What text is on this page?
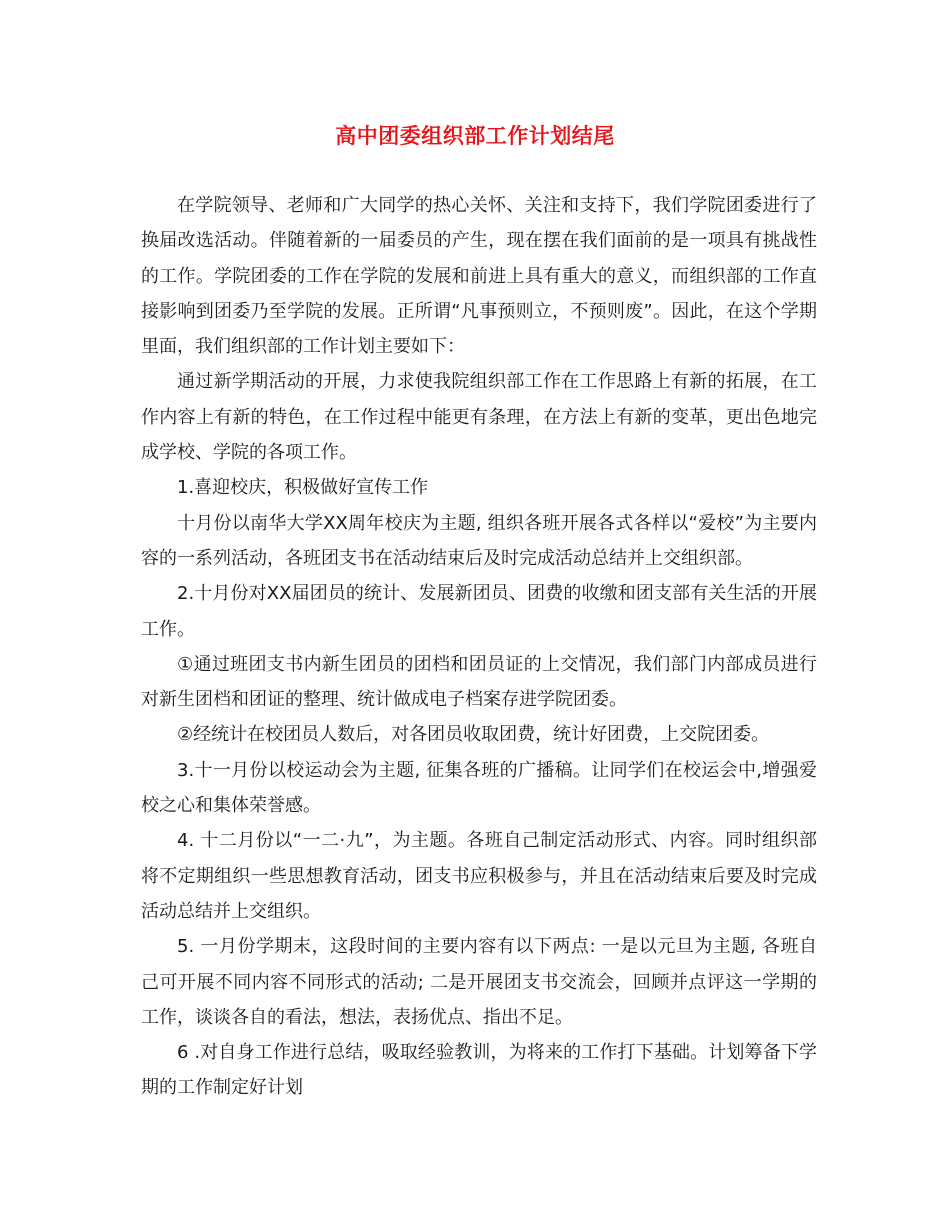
高中团委组织部工作计划结尾

在学院领导、老师和广大同学的热心关怀、关注和支持下，我们学院团委进行了换届改选活动。伴随着新的一届委员的产生，现在摆在我们面前的是一项具有挑战性的工作。学院团委的工作在学院的发展和前进上具有重大的意义，而组织部的工作直接影响到团委乃至学院的发展。正所谓“凡事预则立，不预则废”。因此，在这个学期里面，我们组织部的工作计划主要如下：

通过新学期活动的开展，力求使我院组织部工作在工作思路上有新的拓展，在工作内容上有新的特色，在工作过程中能更有条理，在方法上有新的变革，更出色地完成学校、学院的各项工作。

1.喜迎校庆，积极做好宣传工作

十月份以南华大学XX周年校庆为主题, 组织各班开展各式各样以“爱校”为主要内容的一系列活动，各班团支书在活动结束后及时完成活动总结并上交组织部。

2.十月份对XX届团员的统计、发展新团员、团费的收缴和团支部有关生活的开展工作。

①通过班团支书内新生团员的团档和团员证的上交情况，我们部门内部成员进行对新生团档和团证的整理、统计做成电子档案存进学院团委。

②经统计在校团员人数后，对各团员收取团费，统计好团费，上交院团委。

3.十一月份以校运动会为主题, 征集各班的广播稿。让同学们在校运会中,增强爱校之心和集体荣誉感。

4. 十二月份以“一二·九”，为主题。各班自己制定活动形式、内容。同时组织部将不定期组织一些思想教育活动，团支书应积极参与，并且在活动结束后要及时完成活动总结并上交组织。

5. 一月份学期末，这段时间的主要内容有以下两点: 一是以元旦为主题, 各班自己可开展不同内容不同形式的活动; 二是开展团支书交流会，回顾并点评这一学期的工作，谈谈各自的看法，想法，表扬优点、指出不足。

6 .对自身工作进行总结，吸取经验教训，为将来的工作打下基础。计划筹备下学期的工作制定好计划
